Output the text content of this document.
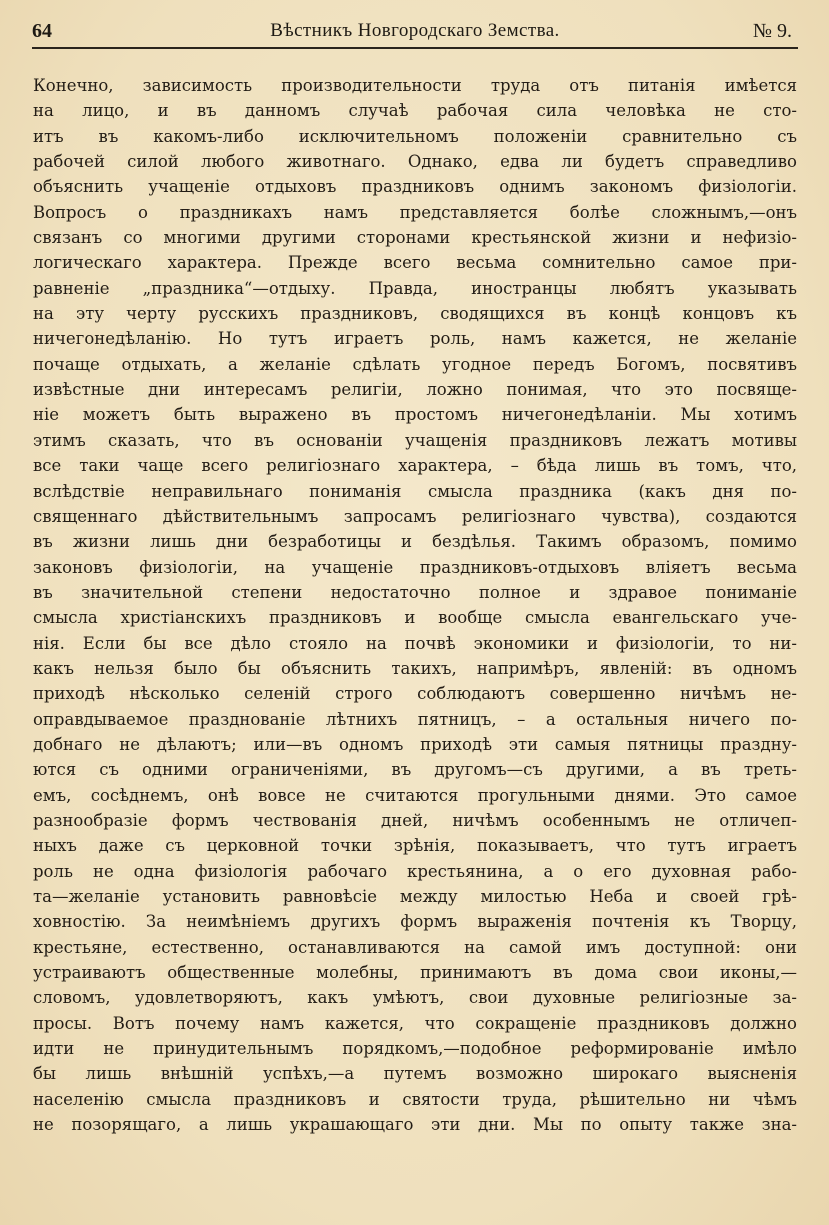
64	Вѣстникъ Новгородскаго Земства.	№ 9.
Конечно, зависимость производительности труда отъ питанія имѣется
на лицо, и въ данномъ случаѣ рабочая сила человѣка не сто-
итъ въ какомъ-либо исключительномъ положеніи сравнительно съ
рабочей силой любого животнаго. Однако, едва ли будетъ справедливо
объяснить учащеніе отдыховъ праздниковъ однимъ закономъ физіологіи.
Вопросъ о праздникахъ намъ представляется болѣе сложнымъ,—онъ
связанъ со многими другими сторонами крестьянской жизни и нефизіо-
логическаго характера. Прежде всего весьма сомнительно самое при-
равненіе „праздника“—отдыху. Правда, иностранцы любятъ указывать
на эту черту русскихъ праздниковъ, сводящихся въ концѣ концовъ къ
ничегонедѣланію. Но тутъ играетъ роль, намъ кажется, не желаніе
почаще отдыхать, а желаніе сдѣлать угодное передъ Богомъ, посвятивъ
извѣстные дни интересамъ религіи, ложно понимая, что это посвяще-
ніе можетъ быть выражено въ простомъ ничегонедѣланіи. Мы хотимъ
этимъ сказать, что въ основаніи учащенія праздниковъ лежатъ мотивы
все таки чаще всего религіознаго характера, – бѣда лишь въ томъ, что,
вслѣдствіе неправильнаго пониманія смысла праздника (какъ дня по-
священнаго дѣйствительнымъ запросамъ религіознаго чувства), создаются
въ жизни лишь дни безработицы и бездѣлья. Такимъ образомъ, помимо
законовъ физіологіи, на учащеніе праздниковъ-отдыховъ вліяетъ весьма
въ значительной степени недостаточно полное и здравое пониманіе
смысла христіанскихъ праздниковъ и вообще смысла евангельскаго уче-
нія. Если бы все дѣло стояло на почвѣ экономики и физіологіи, то ни-
какъ нельзя было бы объяснить такихъ, напримѣръ, явленій: въ одномъ
приходѣ нѣсколько селеній строго соблюдаютъ совершенно ничѣмъ не-
оправдываемое празднованіе лѣтнихъ пятницъ, – а остальныя ничего по-
добнаго не дѣлаютъ; или—въ одномъ приходѣ эти самыя пятницы праздну-
ются съ одними ограниченіями, въ другомъ—съ другими, а въ треть-
емъ, сосѣднемъ, онѣ вовсе не считаются прогульными днями. Это самое
разнообразіе формъ чествованія дней, ничѣмъ особеннымъ не отличеп-
ныхъ даже съ церковной точки зрѣнія, показываетъ, что тутъ играетъ
роль не одна физіологія рабочаго крестьянина, а о его духовная рабо-
та—желаніе установить равновѣсіе между милостью Неба и своей грѣ-
ховностію. За неимѣніемъ другихъ формъ выраженія почтенія къ Творцу,
крестьяне, естественно, останавливаются на самой имъ доступной: они
устраиваютъ общественные молебны, принимаютъ въ дома свои иконы,—
словомъ, удовлетворяютъ, какъ умѣютъ, свои духовные религіозные за-
просы. Вотъ почему намъ кажется, что сокращеніе праздниковъ должно
идти не принудительнымъ порядкомъ,—подобное реформированіе имѣло
бы лишь внѣшній успѣхъ,—а путемъ возможно широкаго выясненія
населенію смысла праздниковъ и святости труда, рѣшительно ни чѣмъ
не позорящаго, а лишь украшающаго эти дни. Мы по опыту также зна-
